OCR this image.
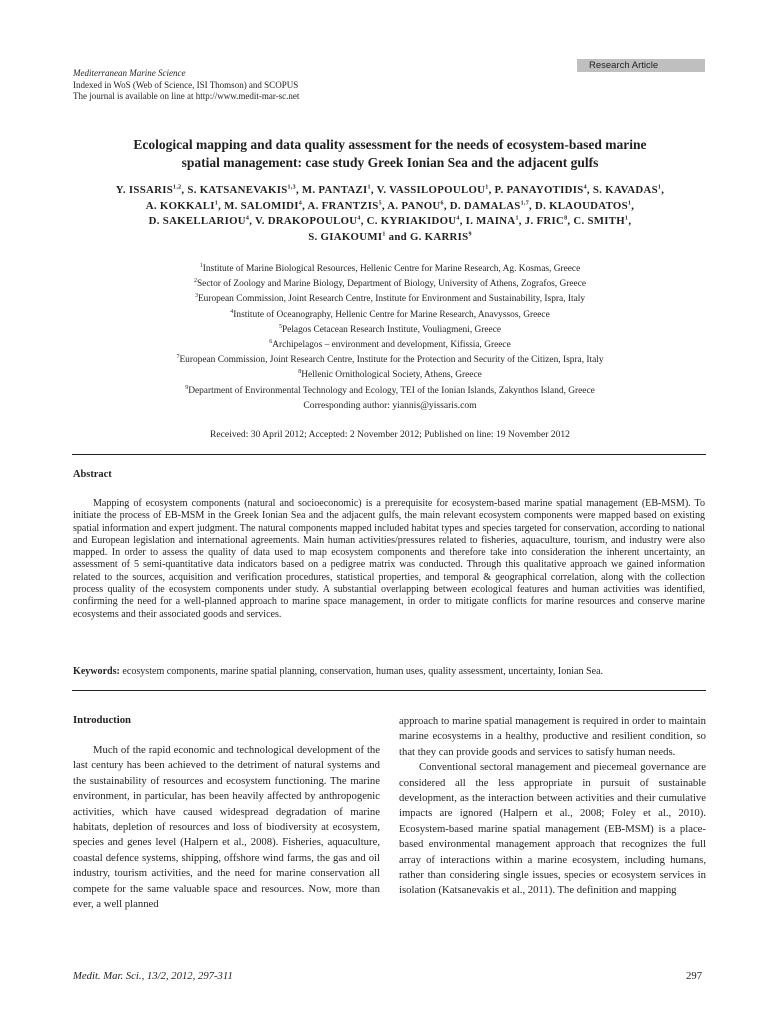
Mediterranean Marine Science
Indexed in WoS (Web of Science, ISI Thomson) and SCOPUS
The journal is available on line at http://www.medit-mar-sc.net
Research Article
Ecological mapping and data quality assessment for the needs of ecosystem-based marine
spatial management: case study Greek Ionian Sea and the adjacent gulfs
Y. ISSARIS$^{1,2}$, S. KATSANEVAKIS$^{1,3}$, M. PANTAZI$^1$, V. VASSILOPOULOU$^1$, P. PANAYOTIDIS$^4$, S. KAVADAS$^1$,
A. KOKKALI$^1$, M. SALOMIDI$^4$, A. FRANTZIS$^5$, A. PANOU$^6$, D. DAMALAS$^{1,7}$, D. KLAOUDATOS$^1$,
D. SAKELLARIOU$^4$, V. DRAKOPOULOU$^4$, C. KYRIAKIDOU$^4$, I. MAINA$^1$, J. FRIC$^8$, C. SMITH$^1$,
S. GIAKOUMI$^1$ and G. KARRIS$^9$
$^1$Institute of Marine Biological Resources, Hellenic Centre for Marine Research, Ag. Kosmas, Greece
$^2$Sector of Zoology and Marine Biology, Department of Biology, University of Athens, Zografos, Greece
$^3$European Commission, Joint Research Centre, Institute for Environment and Sustainability, Ispra, Italy
$^4$Institute of Oceanography, Hellenic Centre for Marine Research, Anavyssos, Greece
$^5$Pelagos Cetacean Research Institute, Vouliagmeni, Greece
$^6$Archipelagos – environment and development, Kifissia, Greece
$^7$European Commission, Joint Research Centre, Institute for the Protection and Security of the Citizen, Ispra, Italy
$^8$Hellenic Ornithological Society, Athens, Greece
$^9$Department of Environmental Technology and Ecology, TEI of the Ionian Islands, Zakynthos Island, Greece
Corresponding author: yiannis@yissaris.com
Received: 30 April 2012; Accepted: 2 November 2012; Published on line: 19 November 2012
Abstract
Mapping of ecosystem components (natural and socioeconomic) is a prerequisite for ecosystem-based marine spatial management (EB-MSM). To initiate the process of EB-MSM in the Greek Ionian Sea and the adjacent gulfs, the main relevant ecosystem components were mapped based on existing spatial information and expert judgment. The natural components mapped included habitat types and species targeted for conservation, according to national and European legislation and international agreements. Main human activities/pressures related to fisheries, aquaculture, tourism, and industry were also mapped. In order to assess the quality of data used to map ecosystem components and therefore take into consideration the inherent uncertainty, an assessment of 5 semi-quantitative data indicators based on a pedigree matrix was conducted. Through this qualitative approach we gained information related to the sources, acquisition and verification procedures, statistical properties, and temporal & geographical correlation, along with the collection process quality of the ecosystem components under study. A substantial overlapping between ecological features and human activities was identified, confirming the need for a well-planned approach to marine space management, in order to mitigate conflicts for marine resources and conserve marine ecosystems and their associated goods and services.
Keywords: ecosystem components, marine spatial planning, conservation, human uses, quality assessment, uncertainty, Ionian Sea.
Introduction

Much of the rapid economic and technological development of the last century has been achieved to the detriment of natural systems and the sustainability of resources and ecosystem functioning. The marine environment, in particular, has been heavily affected by anthropogenic activities, which have caused widespread degradation of marine habitats, depletion of resources and loss of biodiversity at ecosystem, species and genes level (Halpern et al., 2008). Fisheries, aquaculture, coastal defence systems, shipping, offshore wind farms, the gas and oil industry, tourism activities, and the need for marine conservation all compete for the same valuable space and resources. Now, more than ever, a well planned

approach to marine spatial management is required in order to maintain marine ecosystems in a healthy, productive and resilient condition, so that they can provide goods and services to satisfy human needs.

Conventional sectoral management and piecemeal governance are considered all the less appropriate in pursuit of sustainable development, as the interaction between activities and their cumulative impacts are ignored (Halpern et al., 2008; Foley et al., 2010). Ecosystem-based marine spatial management (EB-MSM) is a place-based environmental management approach that recognizes the full array of interactions within a marine ecosystem, including humans, rather than considering single issues, species or ecosystem services in isolation (Katsanevakis et al., 2011). The definition and mapping

Medit. Mar. Sci., 13/2, 2012, 297-311	297
